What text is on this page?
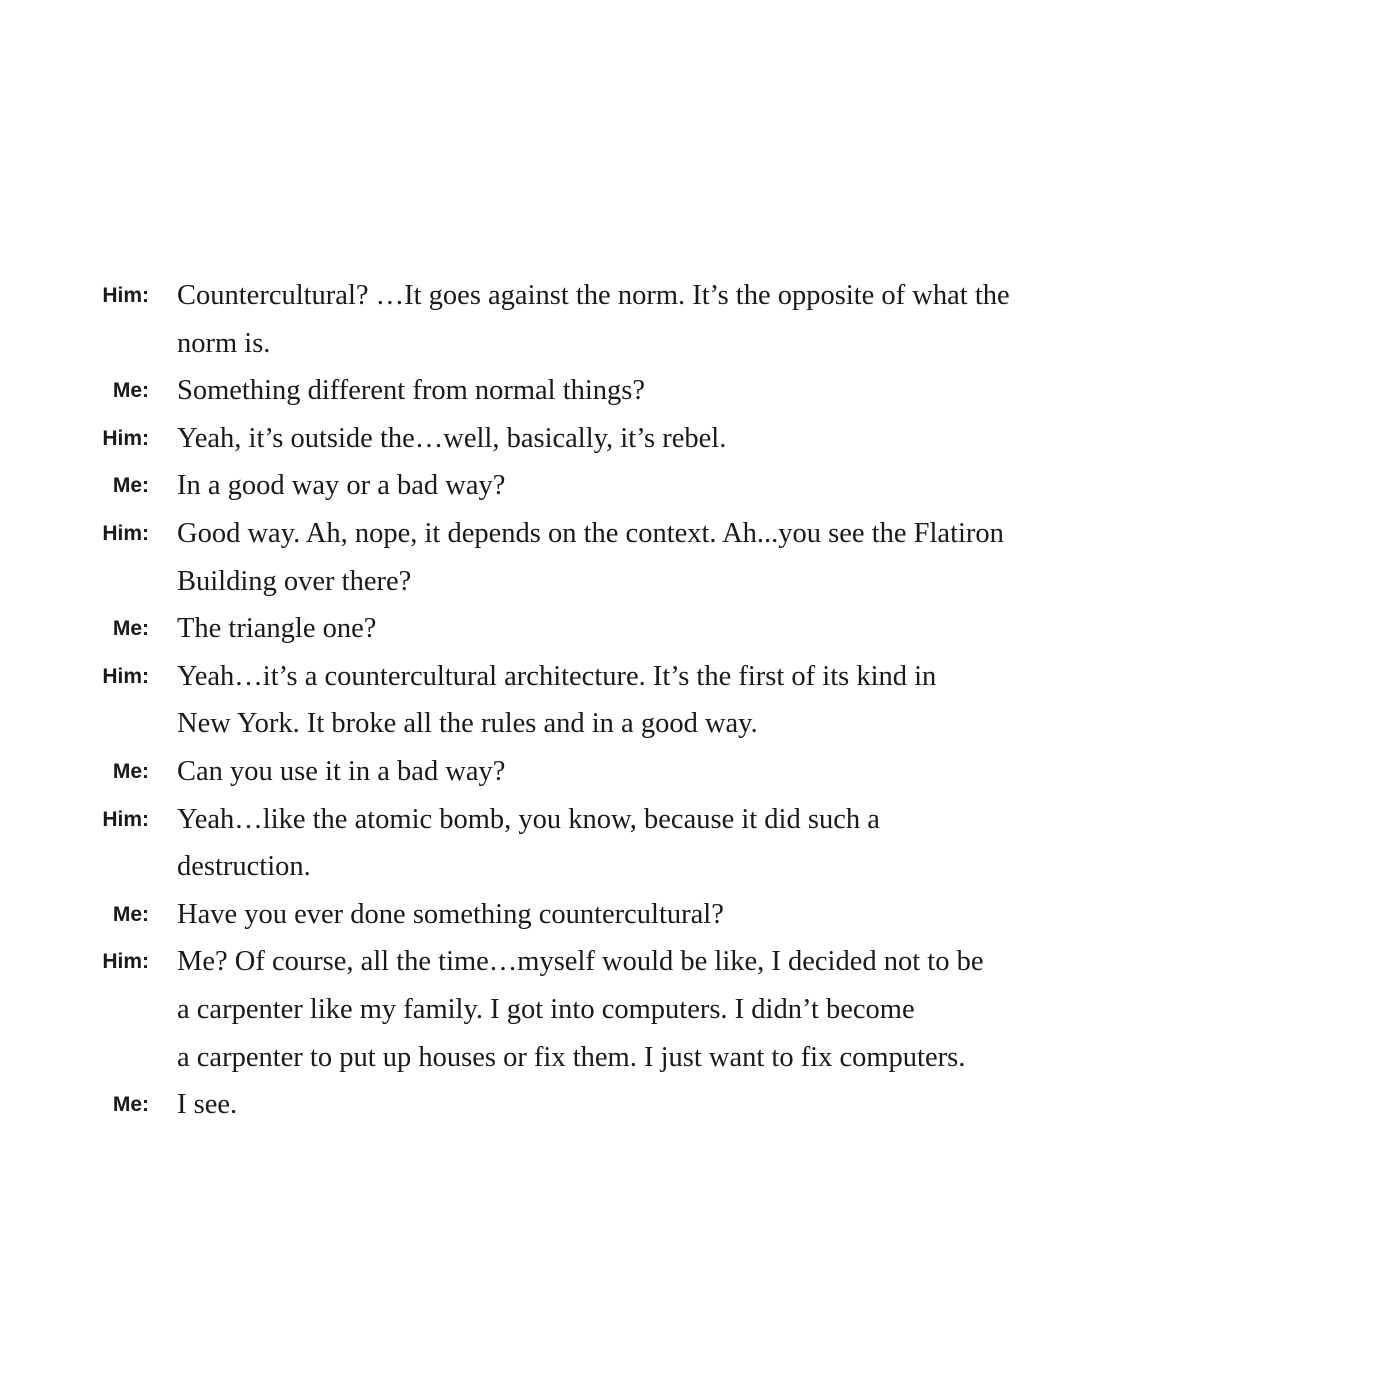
Him: Countercultural? …It goes against the norm. It’s the opposite of what the
norm is.
Me: Something different from normal things?
Him: Yeah, it’s outside the…well, basically, it’s rebel.
Me: In a good way or a bad way?
Him: Good way. Ah, nope, it depends on the context. Ah...you see the Flatiron
Building over there?
Me: The triangle one?
Him: Yeah…it’s a countercultural architecture. It’s the first of its kind in
New York. It broke all the rules and in a good way.
Me: Can you use it in a bad way?
Him: Yeah…like the atomic bomb, you know, because it did such a
destruction.
Me: Have you ever done something countercultural?
Him: Me? Of course, all the time…myself would be like, I decided not to be
a carpenter like my family. I got into computers. I didn’t become
a carpenter to put up houses or fix them. I just want to fix computers.
Me: I see.
